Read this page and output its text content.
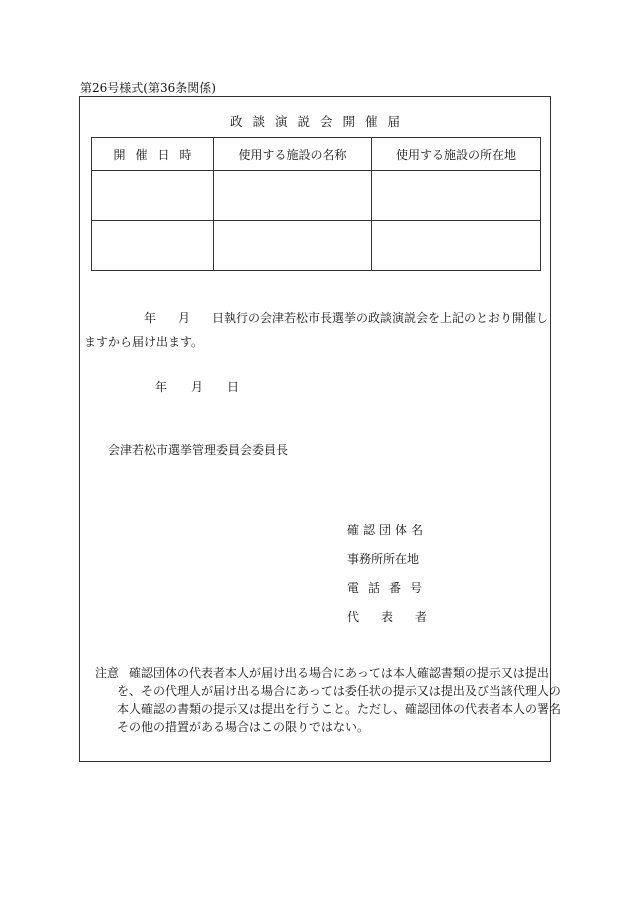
第26号様式(第36条関係)
政談演説会開催届
開催日時	使用する施設の名称	使用する施設の所在地

年 月 日執行の会津若松市長選挙の政談演説会を上記のとおり開催し
ますから届け出ます。
年 月 日
会津若松市選挙管理委員会委員長
確認団体名
事務所所在地
電話番号
代表者
注意 確認団体の代表者本人が届け出る場合にあっては本人確認書類の提示又は提出
を、その代理人が届け出る場合にあっては委任状の提示又は提出及び当該代理人の
本人確認の書類の提示又は提出を行うこと。ただし、確認団体の代表者本人の署名
その他の措置がある場合はこの限りではない。
